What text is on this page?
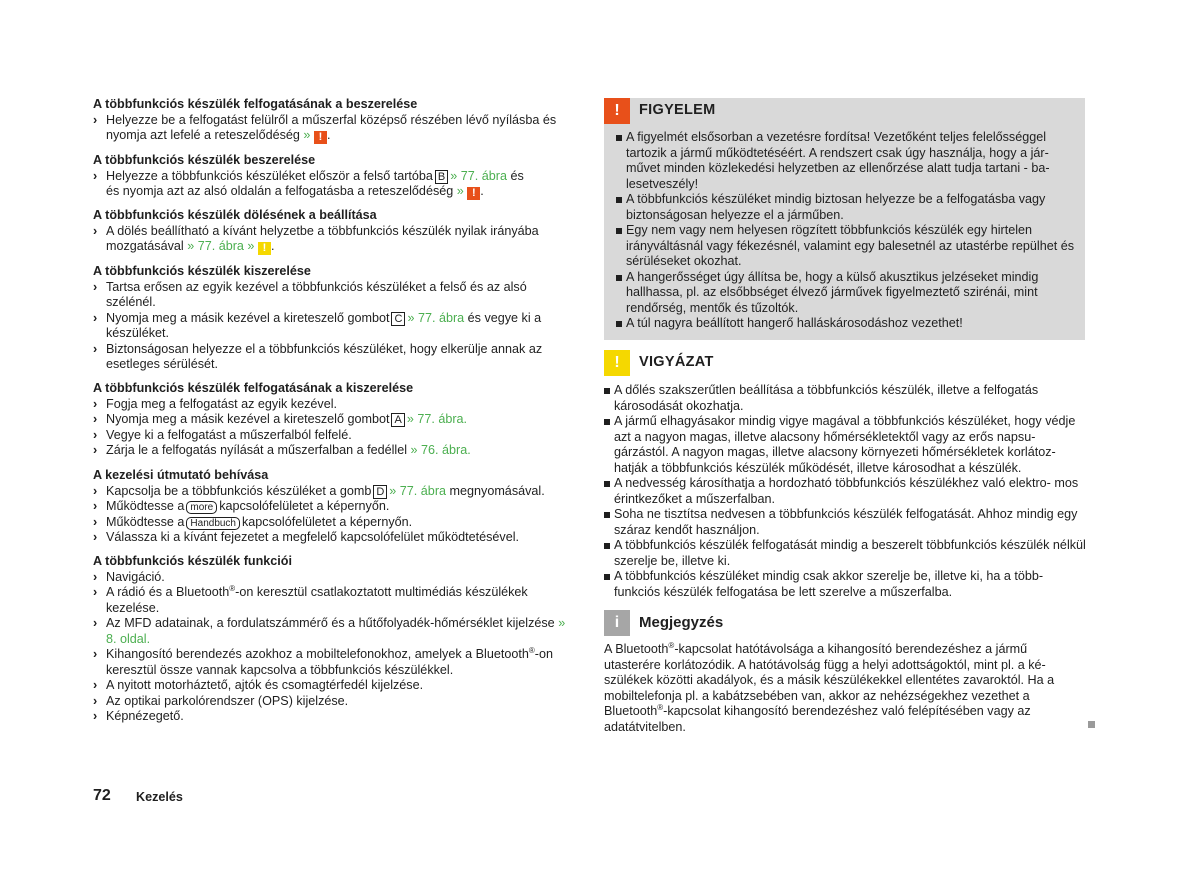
A többfunkciós készülék felfogatásának a beszerelése

› Helyezze be a felfogatást felülről a műszerfal középső részében lévő nyílásba és nyomja azt lefelé a reteszelődéség » ! .

A többfunkciós készülék beszerelése

› Helyezze a többfunkciós készüléket először a felső tartóba B » 77. ábra és
és nyomja azt az alsó oldalán a felfogatásba a reteszelődéség » ! .

A többfunkciós készülék dölésének a beállítása

› A dölés beállítható a kívánt helyzetbe a többfunkciós készülék nyilak irányába mozgatásával » 77. ábra » ! .

A többfunkciós készülék kiszerelése

› Tartsa erősen az egyik kezével a többfunkciós készüléket a felső és az alsó szélénél.

› Nyomja meg a másik kezével a kireteszelő gombot C » 77. ábra és vegye ki a készüléket.

› Biztonságosan helyezze el a többfunkciós készüléket, hogy elkerülje annak az esetleges sérülését.

A többfunkciós készülék felfogatásának a kiszerelése

› Fogja meg a felfogatást az egyik kezével.

› Nyomja meg a másik kezével a kireteszelő gombot A » 77. ábra.

› Vegye ki a felfogatást a műszerfalból felfelé.

› Zárja le a felfogatás nyílását a műszerfalban a fedéllel » 76. ábra.

A kezelési útmutató behívása

› Kapcsolja be a többfunkciós készüléket a gomb D » 77. ábra megnyomásával.

› Működtesse a more kapcsolófelületet a képernyőn.

› Működtesse a Handbuch kapcsolófelületet a képernyőn.

› Válassza ki a kívánt fejezetet a megfelelő kapcsolófelület működtetésével.

A többfunkciós készülék funkciói

› Navigáció.

› A rádió és a Bluetooth®-on keresztül csatlakoztatott multimédiás készülékek kezelése.

› Az MFD adatainak, a fordulatszámmérő és a hűtőfolyadék-hőmérséklet kijelzése » 8. oldal.

› Kihangosító berendezés azokhoz a mobiltelefonokhoz, amelyek a Bluetooth®-on keresztül össze vannak kapcsolva a többfunkciós készülékkel.

› A nyitott motorháztető, ajtók és csomagtérfedél kijelzése.

› Az optikai parkolórendszer (OPS) kijelzése.

› Képnézegető.

!	FIGYELEM

A figyelmét elsősorban a vezetésre fordítsa! Vezetőként teljes felelősséggel tartozik a jármű működtetéséért. A rendszert csak úgy használja, hogy a jár- művet minden közlekedési helyzetben az ellenőrzése alatt tudja tartani - ba- lesetveszély!

A többfunkciós készüléket mindig biztosan helyezze be a felfogatásba vagy biztonságosan helyezze el a járműben.

Egy nem vagy nem helyesen rögzített többfunkciós készülék egy hirtelen irányváltásnál vagy fékezésnél, valamint egy balesetnél az utastérbe repülhet és sérüléseket okozhat.

A hangerősséget úgy állítsa be, hogy a külső akusztikus jelzéseket mindig hallhassa, pl. az elsőbbséget élvező járművek figyelmeztető szirénái, mint rendőrség, mentők és tűzoltók.

A túl nagyra beállított hangerő halláskárosodáshoz vezethet!

!	VIGYÁZAT

A dőlés szakszerűtlen beállítása a többfunkciós készülék, illetve a felfogatás károsodását okozhatja.

A jármű elhagyásakor mindig vigye magával a többfunkciós készüléket, hogy védje azt a nagyon magas, illetve alacsony hőmérsékletektől vagy az erős napsu- gárzástól. A nagyon magas, illetve alacsony környezeti hőmérsékletek korlátoz- hatják a többfunkciós készülék működését, illetve károsodhat a készülék.

A nedvesség károsíthatja a hordozható többfunkciós készülékhez való elektro- mos érintkezőket a műszerfalban.

Soha ne tisztítsa nedvesen a többfunkciós készülék felfogatását. Ahhoz mindig egy száraz kendőt használjon.

A többfunkciós készülék felfogatását mindig a beszerelt többfunkciós készülék nélkül szerelje be, illetve ki.

A többfunkciós készüléket mindig csak akkor szerelje be, illetve ki, ha a több- funkciós készülék felfogatása be lett szerelve a műszerfalba.

i	Megjegyzés

A Bluetooth®-kapcsolat hatótávolsága a kihangosító berendezéshez a jármű utasterére korlátozódik. A hatótávolság függ a helyi adottságoktól, mint pl. a ké- szülékek közötti akadályok, és a másik készülékekkel ellentétes zavaroktól. Ha a mobiltelefonja pl. a kabátzsebében van, akkor az nehézségekhez vezethet a Bluetooth®-kapcsolat kihangosító berendezéshez való felépítésében vagy az adatátvitelben.

72 Kezelés
